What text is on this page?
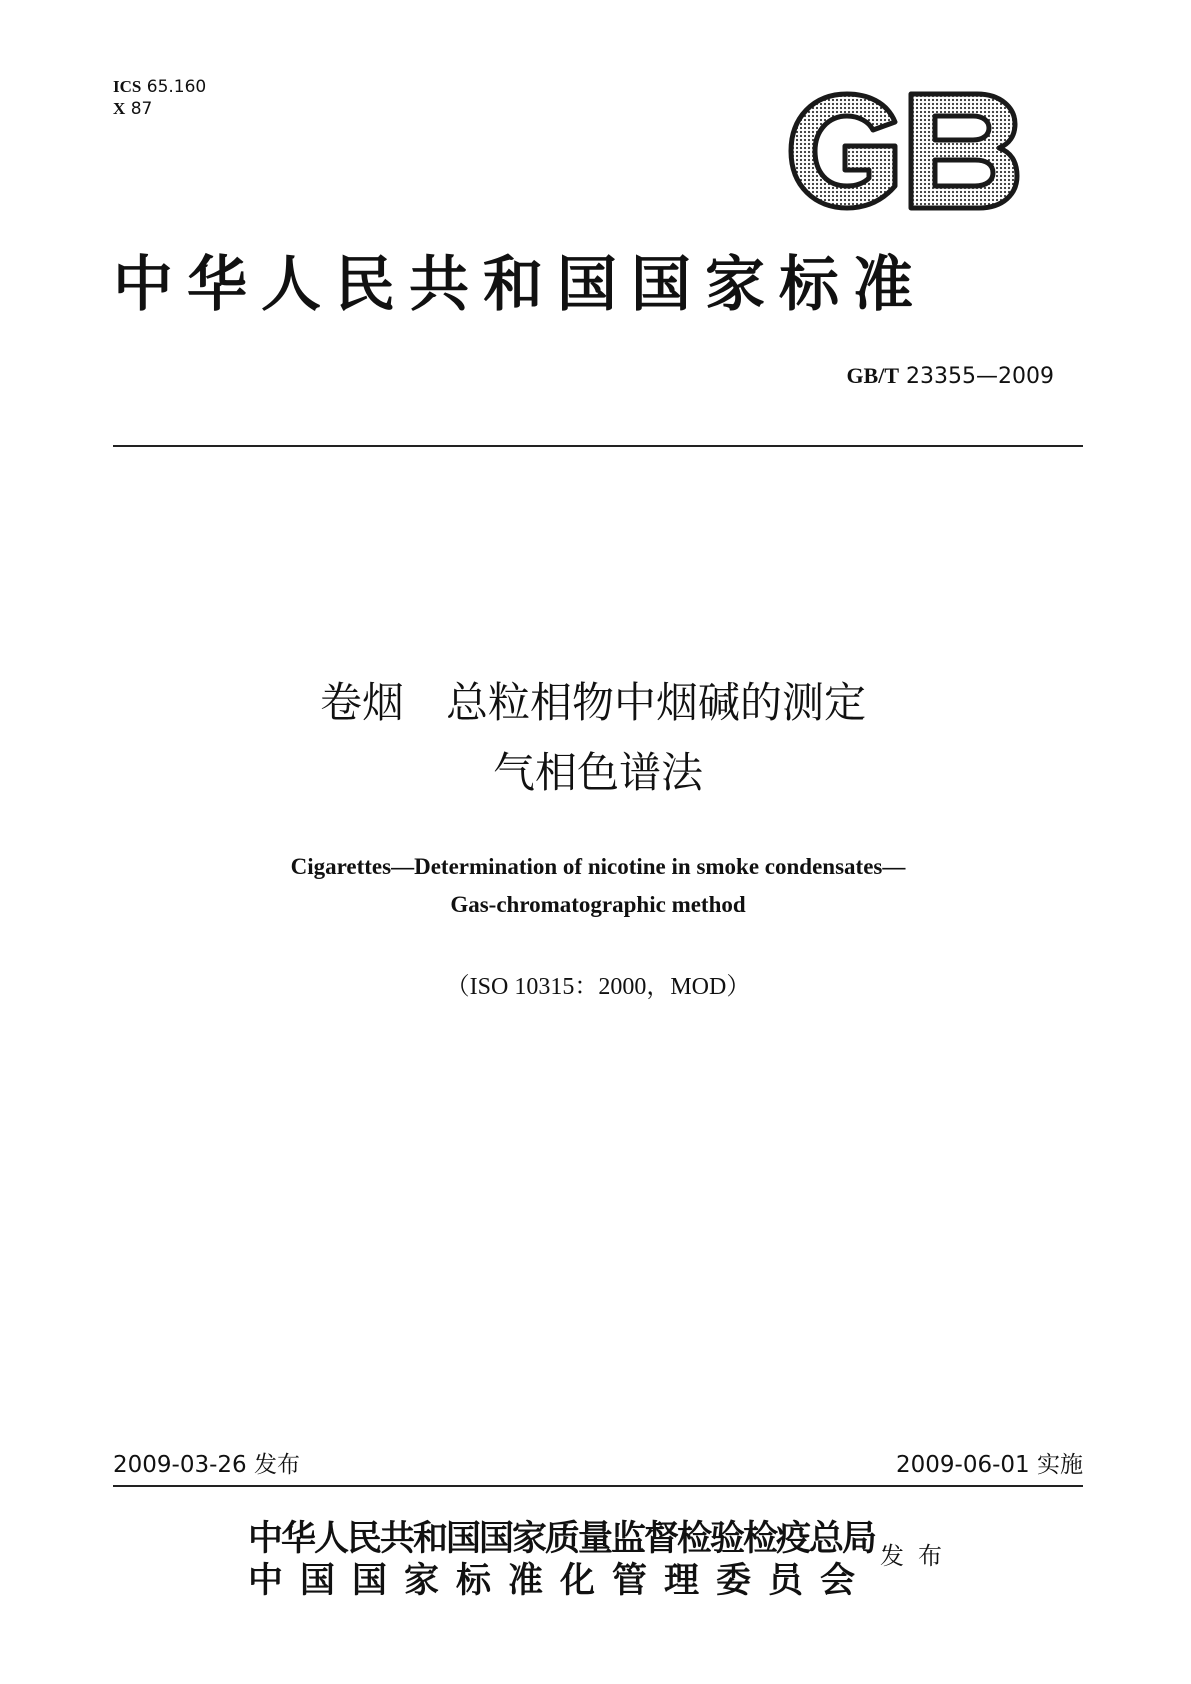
ICS 65.160
X 87
中华人民共和国国家标准
GB/T 23355—2009
卷烟　总粒相物中烟碱的测定
气相色谱法
Cigarettes—Determination of nicotine in smoke condensates—
Gas-chromatographic method
（ISO 10315：2000，MOD）
2009-03-26 发布	2009-06-01 实施
中华人民共和国国家质量监督检验检疫总局
中国国家标准化管理委员会
发布
